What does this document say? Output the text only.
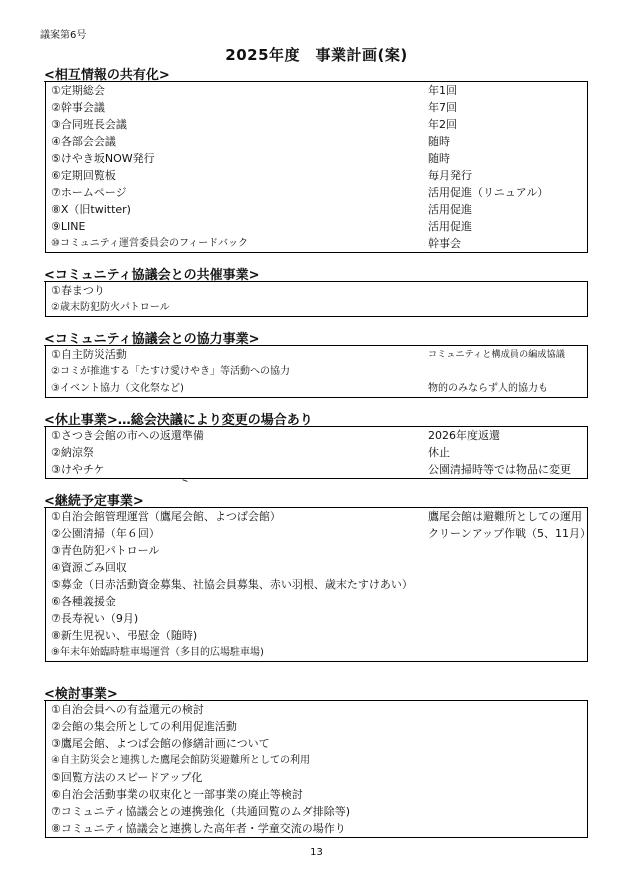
議案第6号
2025年度　事業計画(案)
<相互情報の共有化>
①定期総会	年1回
②幹事会議	年7回
③合同班長会議	年2回
④各部会会議	随時
⑤けやき坂NOW発行	随時
⑥定期回覧板	毎月発行
⑦ホームページ	活用促進（リニュアル）
⑧X（旧twitter)	活用促進
⑨LINE	活用促進
⑩コミュニティ運営委員会のフィードバック	幹事会
<コミュニティ協議会との共催事業>
①春まつり
②歳末防犯防火パトロール
<コミュニティ協議会との協力事業>
①自主防災活動	コミュニティと構成員の編成協議
②コミが推進する「たすけ愛けやき」等活動への協力
③イベント協力（文化祭など)	物的のみならず人的協力も
<休止事業>…総会決議により変更の場合あり
①さつき会館の市への返還準備	2026年度返還
②納涼祭	休止
③けやチケ	公園清掃時等では物品に変更
<継続予定事業>
①自治会館管理運営（鷹尾会館、よつば会館）	鷹尾会館は避難所としての運用
②公園清掃（年６回）	クリーンアップ作戦（5、11月）
③青色防犯パトロール
④資源ごみ回収
⑤募金（日赤活動資金募集、社協会員募集、赤い羽根、歳末たすけあい）
⑥各種義援金
⑦長寿祝い（9月)
⑧新生児祝い、弔慰金（随時)
⑨年末年始臨時駐車場運営（多目的広場駐車場)
<検討事業>
①自治会員への有益還元の検討
②会館の集会所としての利用促進活動
③鷹尾会館、よつば会館の修繕計画について
④自主防災会と連携した鷹尾会館防災避難所としての利用
⑤回覧方法のスピードアップ化
⑥自治会活動事業の収束化と一部事業の廃止等検討
⑦コミュニティ協議会との連携強化（共通回覧のムダ排除等)
⑧コミュニティ協議会と連携した高年者・学童交流の場作り
13
